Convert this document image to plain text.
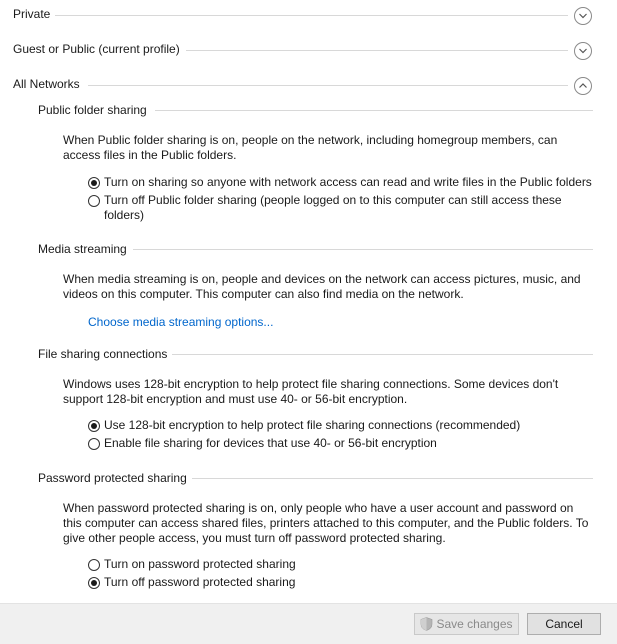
Private
Guest or Public (current profile)
All Networks
Public folder sharing
When Public folder sharing is on, people on the network, including homegroup members, can access files in the Public folders.
Turn on sharing so anyone with network access can read and write files in the Public folders
Turn off Public folder sharing (people logged on to this computer can still access these folders)
Media streaming
When media streaming is on, people and devices on the network can access pictures, music, and videos on this computer. This computer can also find media on the network.
Choose media streaming options...
File sharing connections
Windows uses 128-bit encryption to help protect file sharing connections. Some devices don't support 128-bit encryption and must use 40- or 56-bit encryption.
Use 128-bit encryption to help protect file sharing connections (recommended)
Enable file sharing for devices that use 40- or 56-bit encryption
Password protected sharing
When password protected sharing is on, only people who have a user account and password on this computer can access shared files, printers attached to this computer, and the Public folders. To give other people access, you must turn off password protected sharing.
Turn on password protected sharing
Turn off password protected sharing
Save changes	Cancel
